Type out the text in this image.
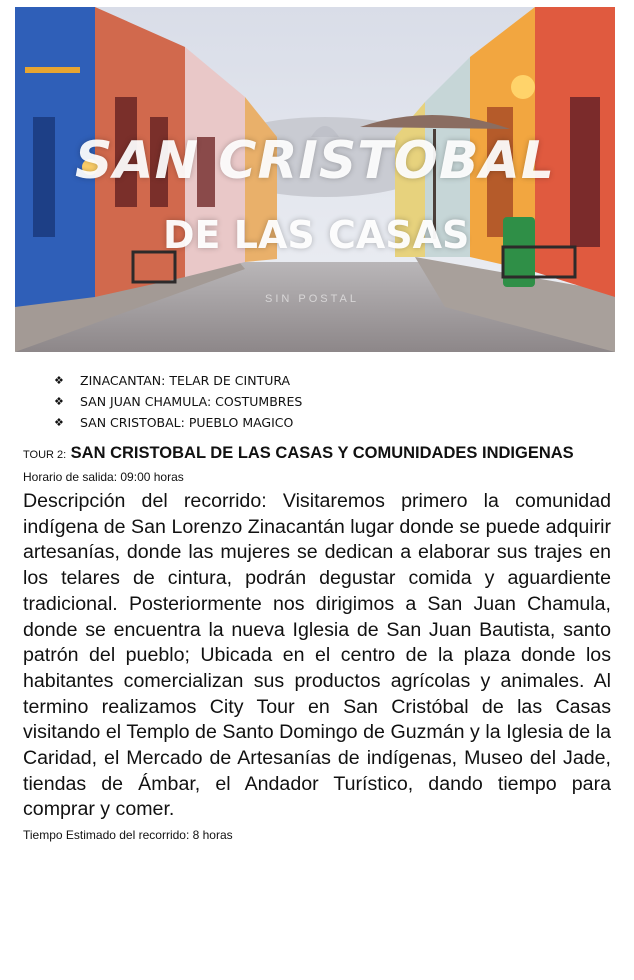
SAN CRISTOBAL
DE LAS CASAS
SIN POSTAL
❖	ZINACANTAN: TELAR DE CINTURA
❖	SAN JUAN CHAMULA: COSTUMBRES
❖	SAN CRISTOBAL: PUEBLO MAGICO
TOUR 2: SAN CRISTOBAL DE LAS CASAS Y COMUNIDADES INDIGENAS
Horario de salida: 09:00 horas

Descripción del recorrido: Visitaremos primero la comunidad indígena de San Lorenzo Zinacantán lugar donde se puede adquirir artesanías, donde las mujeres se dedican a elaborar sus trajes en los telares de cintura, podrán degustar comida y aguardiente tradicional. Posteriormente nos dirigimos a San Juan Chamula, donde se encuentra la nueva Iglesia de San Juan Bautista, santo patrón del pueblo; Ubicada en el centro de la plaza donde los habitantes comercializan sus productos agrícolas y animales. Al termino realizamos City Tour en San Cristóbal de las Casas visitando el Templo de Santo Domingo de Guzmán y la Iglesia de la Caridad, el Mercado de Artesanías de indígenas, Museo del Jade, tiendas de Ámbar, el Andador Turístico, dando tiempo para comprar y comer.

Tiempo Estimado del recorrido: 8 horas
